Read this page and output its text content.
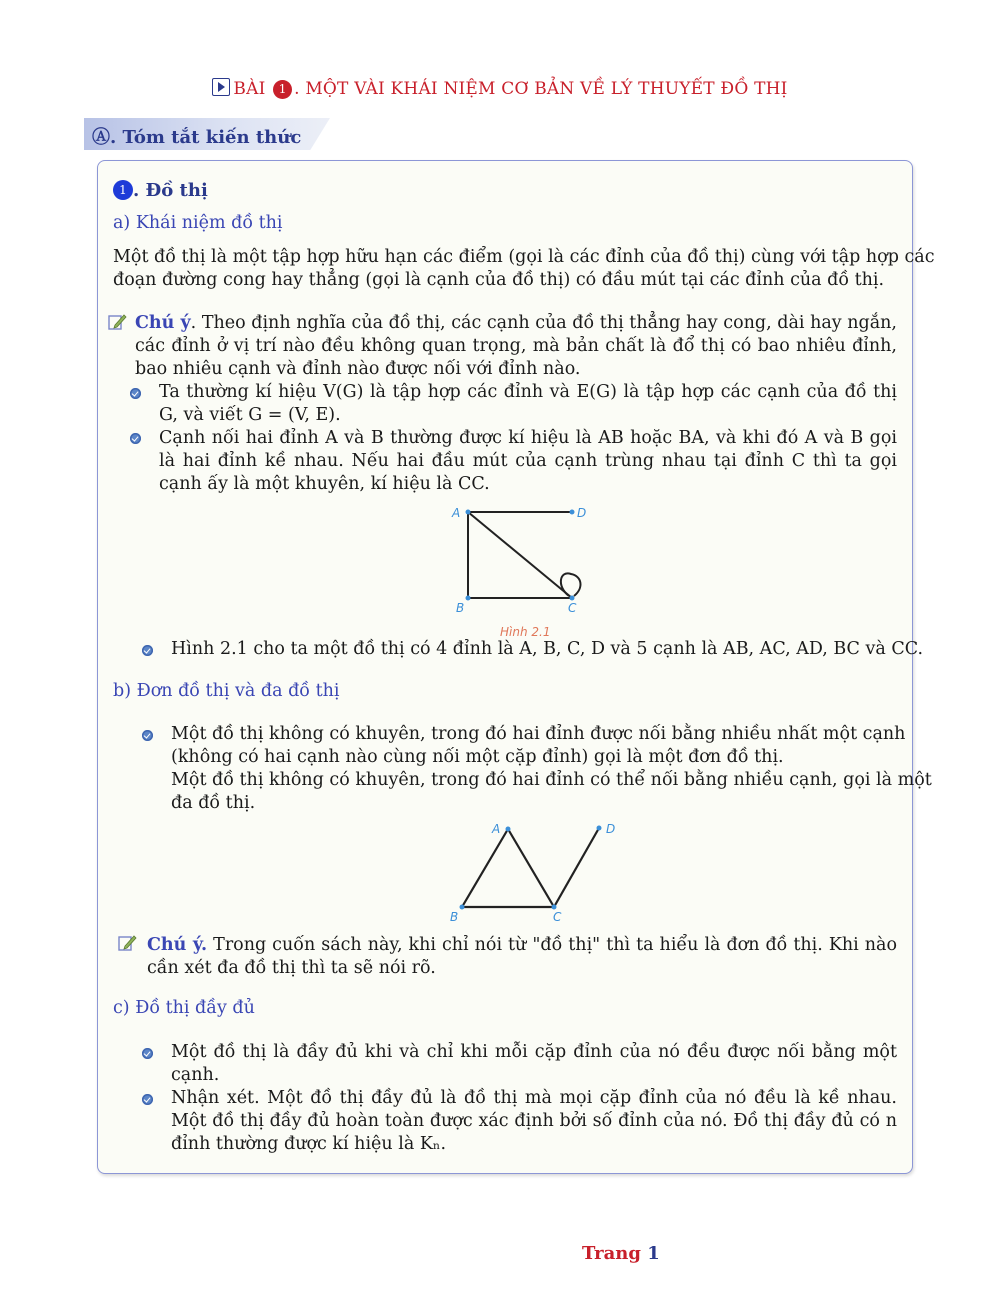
BÀI 1 . MỘT VÀI KHÁI NIỆM CƠ BẢN VỀ LÝ THUYẾT ĐỒ THỊ
Ⓐ. Tóm tắt kiến thức
1 . Đồ thị
a) Khái niệm đồ thị
Một đồ thị là một tập hợp hữu hạn các điểm (gọi là các đỉnh của đồ thị) cùng với tập hợp các
đoạn đường cong hay thẳng (gọi là cạnh của đồ thị) có đầu mút tại các đỉnh của đồ thị.
Chú ý. Theo định nghĩa của đồ thị, các cạnh của đồ thị thẳng hay cong, dài hay ngắn, các đỉnh ở vị trí nào đều không quan trọng, mà bản chất là đổ thị có bao nhiêu đỉnh, bao nhiêu cạnh và đỉnh nào được nối với đỉnh nào.
Ta thường kí hiệu V(G) là tập hợp các đỉnh và E(G) là tập hợp các cạnh của đồ thị G, và viết G = (V, E).
Cạnh nối hai đỉnh A và B thường được kí hiệu là AB hoặc BA, và khi đó A và B gọi là hai đỉnh kề nhau. Nếu hai đầu mút của cạnh trùng nhau tại đỉnh C thì ta gọi cạnh ấy là một khuyên, kí hiệu là CC.
A	D
B	C
Hình 2.1
Hình 2.1 cho ta một đồ thị có 4 đỉnh là A, B, C, D và 5 cạnh là AB, AC, AD, BC và CC.
b) Đơn đồ thị và đa đồ thị
Một đồ thị không có khuyên, trong đó hai đỉnh được nối bằng nhiều nhất một cạnh
(không có hai cạnh nào cùng nối một cặp đỉnh) gọi là một đơn đồ thị.
Một đồ thị không có khuyên, trong đó hai đỉnh có thể nối bằng nhiều cạnh, gọi là một
đa đồ thị.
A	D
B	C
Chú ý. Trong cuốn sách này, khi chỉ nói từ "đồ thị" thì ta hiểu là đơn đồ thị. Khi nào cần xét đa đồ thị thì ta sẽ nói rõ.
c) Đồ thị đầy đủ
Một đồ thị là đầy đủ khi và chỉ khi mỗi cặp đỉnh của nó đều được nối bằng một cạnh.
Nhận xét. Một đồ thị đầy đủ là đồ thị mà mọi cặp đỉnh của nó đều là kề nhau. Một đồ thị đầy đủ hoàn toàn được xác định bởi số đỉnh của nó. Đồ thị đầy đủ có n đỉnh thường được kí hiệu là Kₙ.
Trang 1
